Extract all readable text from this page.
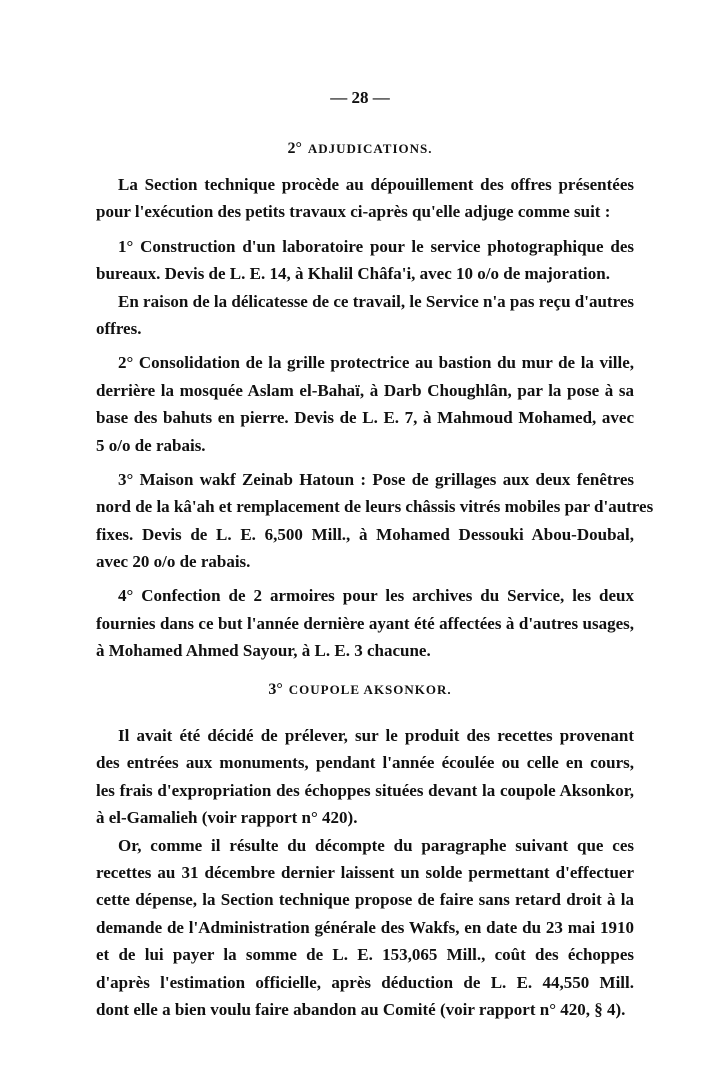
— 28 —
2° ADJUDICATIONS.
La Section technique procède au dépouillement des offres présentées
pour l'exécution des petits travaux ci-après qu'elle adjuge comme suit :
1° Construction d'un laboratoire pour le service photographique des
bureaux. Devis de L. E. 14, à Khalil Châfa'i, avec 10 o/o de majoration.
En raison de la délicatesse de ce travail, le Service n'a pas reçu d'autres
offres.
2° Consolidation de la grille protectrice au bastion du mur de la ville,
derrière la mosquée Aslam el-Bahaï, à Darb Choughlân, par la pose à sa
base des bahuts en pierre. Devis de L. E. 7, à Mahmoud Mohamed, avec
5 o/o de rabais.
3° Maison wakf Zeinab Hatoun : Pose de grillages aux deux fenêtres
nord de la kâ'ah et remplacement de leurs châssis vitrés mobiles par d'autres
fixes. Devis de L. E. 6,500 Mill., à Mohamed Dessouki Abou-Doubal,
avec 20 o/o de rabais.
4° Confection de 2 armoires pour les archives du Service, les deux
fournies dans ce but l'année dernière ayant été affectées à d'autres usages,
à Mohamed Ahmed Sayour, à L. E. 3 chacune.
3° COUPOLE AKSONKOR.
Il avait été décidé de prélever, sur le produit des recettes provenant
des entrées aux monuments, pendant l'année écoulée ou celle en cours,
les frais d'expropriation des échoppes situées devant la coupole Aksonkor,
à el-Gamalieh (voir rapport n° 420).
Or, comme il résulte du décompte du paragraphe suivant que ces
recettes au 31 décembre dernier laissent un solde permettant d'effectuer
cette dépense, la Section technique propose de faire sans retard droit à la
demande de l'Administration générale des Wakfs, en date du 23 mai 1910
et de lui payer la somme de L. E. 153,065 Mill., coût des échoppes
d'après l'estimation officielle, après déduction de L. E. 44,550 Mill.
dont elle a bien voulu faire abandon au Comité (voir rapport n° 420, § 4).
